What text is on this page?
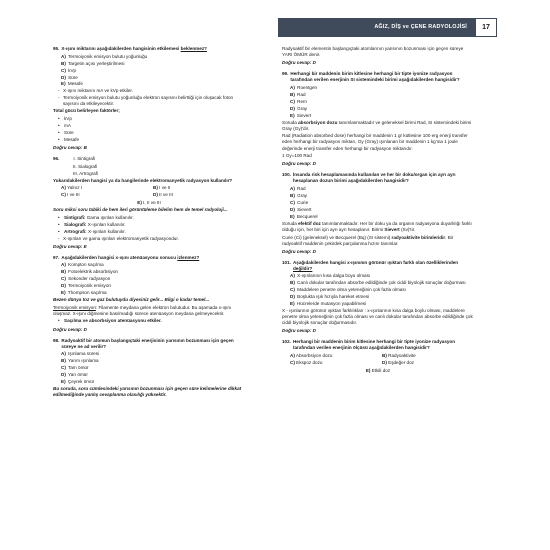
AĞIZ, DİŞ ve ÇENE RADYOLOJİSİ	17
95. X-ışını miktarını aşağıdakilerden hangisinin etkilemesi beklenmez?
A) Termoiyonik emisyon bulutu yoğunluğu
B) Targetin açısı yerleştirilmesi
C) kVp
D) Süre
E) Mesafe
- X-ışını miktarını mA ve kVp etkiler.
- Termoiyonik emisyon bulutu yoğunluğu elektron sayısını belirttiği için oluşacak foton sayısını da etkileyecektir.
Total gücü belirleyen faktörler;
• kVp
• mA
• Süre
• Mesafe
Doğru cevap: B
96.	I. Sintigrafi
II. Sialografi
III. Artrografi
Yukarıdakilerden hangisi ya da hangilerinde elektromanyetik radyasyon kullanılır?
A) Yalnız I	B) I ve II
C) I ve III	D) II ve III
E) I, II ve III
Soru miksi soru tabiki de hem ileri görüntüleme bilelim hem de temel radyoloji...
• Sintigrafi: Gama ışınları kullanılır.
• Sialografi: X-ışınları kullanılır.
• Artrografi: X-ışınları kullanılır.
- X-ışınları ve gama ışınları elektromanyetik radyasyondur.
Doğru cevap: E
97. Aşağıdakilerden hangisi x-ışını atenüasyonu sonucu izlenmez?
A) Kompton saçılma
B) Fotoelektrik absorbsiyon
C) Sekonder radyasyon
D) Termoiyonik emisyon
E) Thompson saçılma
Bezen dünya toz ve gaz bulutuydu diyesiniz gelir... Bilgi o kadar temel...
Termoiyonik emisyon: Filamente meydana gelen elektron bulutudur. Bu aşamada x-ışını oluşmaz. X-ışını dığmesine basılmadığı sürece atenüasyon meydana gelmeyecektir.
• Saçılma ve absorbsiyon atenüasyonu etkiler.
Doğru cevap: D
98. Radyoaktif bir atomun başlangıçtaki enerjisinin yarısının bozunması için geçen süreye ne ad verilir?
A) Işınlama süresi
B) Yarım ışınlama
C) Tam ömür
D) Yarı ömür
E) Çeyrek ömür
Bu soruda, soru cümlesindeki yarısının bozunması için geçen süre kelimelerine dikkat edilmediğinde yanlış cevaplanma olasılığı yüksektir.
Radyoaktif bir elementin başlangıçtaki atomlarının yarısının bozunması için geçen süreye YARI ÖMÜR denir.
Doğru cevap: D
99. Herhangi bir maddenin birim kitlesine herhangi bir tipte iyonize radyasyon tarafından verilen enerjinin SI sistemindeki birimi aşağıdakilerden hangisidir?
A) Roentgen
B) Rad
C) Rem
D) Gray
E) Sievert
Soruda absorbsiyon dozu tanımlanmaktadır ve geleneksel birimi Rad, SI sistemindeki birimi Gray (Gy)'dir.
Rad (Radiation absorbed dose) herhangi bir maddenin 1 gr kütlesine 100 erg enerji transfer eden herhangi bir radyasyon miktarı, Gy (Gray) ışınlanan bir maddenin 1 kg'ına 1 joule değerinde enerji transfer eden herhangi bir radyasyon miktarıdır.
1 Gy=100 Rad
Doğru cevap: D
100. İnsanda risk hesaplamasında kullanılan ve her bir doku/organ için ayrı ayrı hesaplanan dozun birimi aşağıdakilerden hangisidir?
A) Rad
B) Gray
C) Curie
D) Sievert
E) Becquerel
Soruda efektif doz tanımlanmaktadır. Her bir doku ya da organın radyasyona duyarlılığı farklı olduğu için, her biri için ayrı ayrı hesaplanır. Birimi Sievert (Sv)'tir.
Curie (Ci) (geleneksel) ve Becquerel (Bq) (SI sistemi) radyoaktivite birimleridir. Bir radyoaktif maddenin çekirdek parçalanma hızını tanımlar.
Doğru cevap: D
101. Aşağıdakilerden hangisi x-ışınının görünür ışıktan farklı olan özelliklerinden değildir?
A) X-ışınlarının kısa dalga boyu olması
B) Canlı dokular tarafından absorbe edildiğinde çok ciddi biyolojik sonuçlar doğurması
C) Maddelere penetre olma yeteneğinin çok fazla olması
D) Boşlukta ışık hızıyla hareket etmesi
E) Hücrelerde mutasyon yapabilmesi
X - ışınlarının görünür ışıktan farklılıkları : x-ışınlarının kısa dalga boylu olması, maddelere penetre olma yeteneğinin çok fazla olması ve canlı dokular tarafından absorbe edildiğinde çok ciddi biyolojik sonuçlar doğurmasıdır.
Doğru cevap: D
102. Herhangi bir maddenin birim kitlesine herhangi bir tipte iyonize radyasyon tarafından verilen enerjinin ölçüsü aşağıdakilerden hangisidir?
A) Absorbsiyon dozu	B) Radyoaktivite
C) Ekspoz dozu	D) Eşdeğer doz
E) Etkili doz
